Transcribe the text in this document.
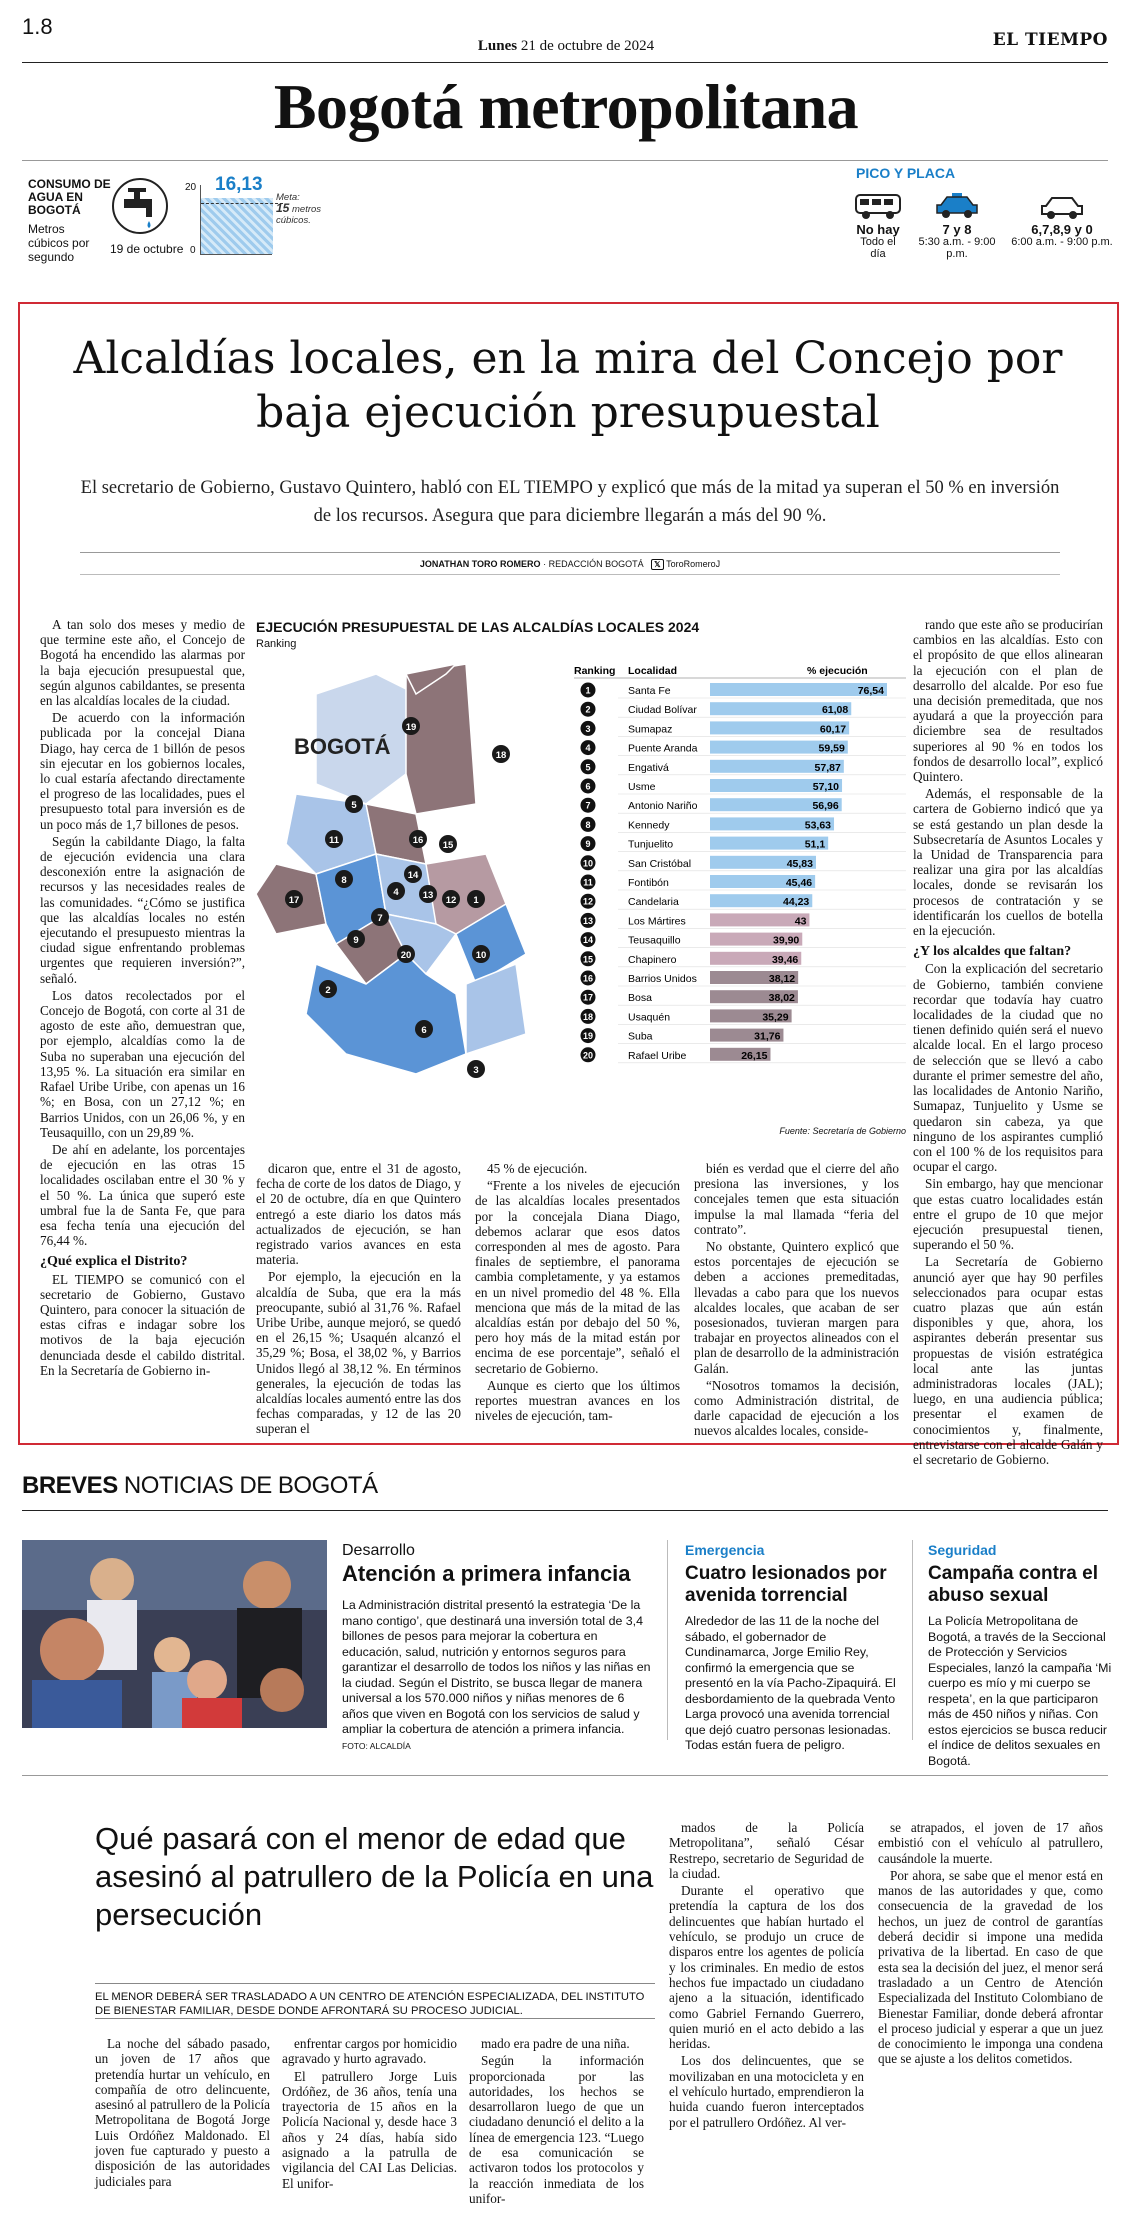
1.8
Lunes 21 de octubre de 2024	EL TIEMPO
Bogotá metropolitana
CONSUMO DE AGUA EN BOGOTÁ
Metros cúbicos por segundo
19 de octubre
20
0
16,13
Meta:
15 metros cúbicos.
PICO Y PLACA
No hay
Todo el día
7 y 8
5:30 a.m. - 9:00 p.m.
6,7,8,9 y 0
6:00 a.m. - 9:00 p.m.
Alcaldías locales, en la mira del Concejo por baja ejecución presupuestal
El secretario de Gobierno, Gustavo Quintero, habló con EL TIEMPO y explicó que más de la mitad ya superan el 50 % en inversión de los recursos. Asegura que para diciembre llegarán a más del 90 %.
JONATHAN TORO ROMERO · REDACCIÓN BOGOTÁ 𝕏 ToroRomeroJ

A tan solo dos meses y medio de que termine este año, el Concejo de Bogotá ha encendido las alarmas por la baja ejecución presupuestal que, según algunos cabildantes, se presenta en las alcaldías locales de la ciudad.

De acuerdo con la información publicada por la concejal Diana Diago, hay cerca de 1 billón de pesos sin ejecutar en los gobiernos locales, lo cual estaría afectando directamente el progreso de las localidades, pues el presupuesto total para inversión es de un poco más de 1,7 billones de pesos.

Según la cabildante Diago, la falta de ejecución evidencia una clara desconexión entre la asignación de recursos y las necesidades reales de las comunidades. “¿Cómo se justifica que las alcaldías locales no estén ejecutando el presupuesto mientras la ciudad sigue enfrentando problemas urgentes que requieren inversión?”, señaló.

Los datos recolectados por el Concejo de Bogotá, con corte al 31 de agosto de este año, demuestran que, por ejemplo, alcaldías como la de Suba no superaban una ejecución del 13,95 %. La situación era similar en Rafael Uribe Uribe, con apenas un 16 %; en Bosa, con un 27,12 %; en Barrios Unidos, con un 26,06 %, y en Teusaquillo, con un 29,89 %.

De ahí en adelante, los porcentajes de ejecución en las otras 15 localidades oscilaban entre el 30 % y el 50 %. La única que superó este umbral fue la de Santa Fe, que para esa fecha tenía una ejecución del 76,44 %.

¿Qué explica el Distrito?

EL TIEMPO se comunicó con el secretario de Gobierno, Gustavo Quintero, para conocer la situación de estas cifras e indagar sobre los motivos de la baja ejecución denunciada desde el cabildo distrital. En la Secretaría de Gobierno in-

EJECUCIÓN PRESUPUESTAL DE LAS ALCALDÍAS LOCALES 2024
Ranking
BOGOTÁ
19
18
5
11	16 15
14
8
17
4	13 12 1
7
9
20	10
2
6
3
Ranking Localidad	% ejecución
1	Santa Fe	76,54
2	Ciudad Bolívar	61,08
3	Sumapaz	60,17
4	Puente Aranda	59,59
5	Engativá	57,87
6	Usme	57,10
7	Antonio Nariño	56,96
8	Kennedy	53,63
9	Tunjuelito	51,1
10	San Cristóbal	45,83
11	Fontibón	45,46
12	Candelaria	44,23
13	Los Mártires	43
14	Teusaquillo	39,90
15	Chapinero	39,46
16	Barrios Unidos	38,12
17	Bosa	38,02
18	Usaquén	35,29
19	Suba	31,76
20	Rafael Uribe	26,15
Fuente: Secretaría de Gobierno

dicaron que, entre el 31 de agosto, fecha de corte de los datos de Diago, y el 20 de octubre, día en que Quintero entregó a este diario los datos más actualizados de ejecución, se han registrado varios avances en esta materia.

Por ejemplo, la ejecución en la alcaldía de Suba, que era la más preocupante, subió al 31,76 %. Rafael Uribe Uribe, aunque mejoró, se quedó en el 26,15 %; Usaquén alcanzó el 35,29 %; Bosa, el 38,02 %, y Barrios Unidos llegó al 38,12 %. En términos generales, la ejecución de todas las alcaldías locales aumentó entre las dos fechas comparadas, y 12 de las 20 superan el

45 % de ejecución.

“Frente a los niveles de ejecución de las alcaldías locales presentados por la concejala Diana Diago, debemos aclarar que esos datos corresponden al mes de agosto. Para finales de septiembre, el panorama cambia completamente, y ya estamos en un nivel promedio del 48 %. Ella menciona que más de la mitad de las alcaldías están por debajo del 50 %, pero hoy más de la mitad están por encima de ese porcentaje”, señaló el secretario de Gobierno.

Aunque es cierto que los últimos reportes muestran avances en los niveles de ejecución, tam-

bién es verdad que el cierre del año presiona las inversiones, y los concejales temen que esta situación impulse la mal llamada “feria del contrato”.

No obstante, Quintero explicó que estos porcentajes de ejecución se deben a acciones premeditadas, llevadas a cabo para que los nuevos alcaldes locales, que acaban de ser posesionados, tuvieran margen para trabajar en proyectos alineados con el plan de desarrollo de la administración Galán.

“Nosotros tomamos la decisión, como Administración distrital, de darle capacidad de ejecución a los nuevos alcaldes locales, conside-

rando que este año se producirían cambios en las alcaldías. Esto con el propósito de que ellos alinearan la ejecución con el plan de desarrollo del alcalde. Por eso fue una decisión premeditada, que nos ayudará a que la proyección para diciembre sea de resultados superiores al 90 % en todos los fondos de desarrollo local”, explicó Quintero.

Además, el responsable de la cartera de Gobierno indicó que ya se está gestando un plan desde la Subsecretaría de Asuntos Locales y la Unidad de Transparencia para realizar una gira por las alcaldías locales, donde se revisarán los procesos de contratación y se identificarán los cuellos de botella en la ejecución.

¿Y los alcaldes que faltan?

Con la explicación del secretario de Gobierno, también conviene recordar que todavía hay cuatro localidades de la ciudad que no tienen definido quién será el nuevo alcalde local. En el largo proceso de selección que se llevó a cabo durante el primer semestre del año, las localidades de Antonio Nariño, Sumapaz, Tunjuelito y Usme se quedaron sin cabeza, ya que ninguno de los aspirantes cumplió con el 100 % de los requisitos para ocupar el cargo.

Sin embargo, hay que mencionar que estas cuatro localidades están entre el grupo de 10 que mejor ejecución presupuestal tienen, superando el 50 %.

La Secretaría de Gobierno anunció ayer que hay 90 perfiles seleccionados para ocupar estas cuatro plazas que aún están disponibles y que, ahora, los aspirantes deberán presentar sus propuestas de visión estratégica local ante las juntas administradoras locales (JAL); luego, en una audiencia pública; presentar el examen de conocimientos y, finalmente, entrevistarse con el alcalde Galán y el secretario de Gobierno.

BREVES NOTICIAS DE BOGOTÁ
Desarrollo
Atención a primera infancia
La Administración distrital presentó la estrategia ‘De la mano contigo’, que destinará una inversión total de 3,4 billones de pesos para mejorar la cobertura en educación, salud, nutrición y entornos seguros para garantizar el desarrollo de todos los niños y las niñas en la ciudad. Según el Distrito, se busca llegar de manera universal a los 570.000 niños y niñas menores de 6 años que viven en Bogotá con los servicios de salud y ampliar la cobertura de atención a primera infancia. FOTO: ALCALDÍA
Emergencia
Cuatro lesionados por avenida torrencial
Alrededor de las 11 de la noche del sábado, el gobernador de Cundinamarca, Jorge Emilio Rey, confirmó la emergencia que se presentó en la vía Pacho-Zipaquirá. El desbordamiento de la quebrada Vento Larga provocó una avenida torrencial que dejó cuatro personas lesionadas. Todas están fuera de peligro.
Seguridad
Campaña contra el abuso sexual
La Policía Metropolitana de Bogotá, a través de la Seccional de Protección y Servicios Especiales, lanzó la campaña ‘Mi cuerpo es mío y mi cuerpo se respeta’, en la que participaron más de 450 niños y niñas. Con estos ejercicios se busca reducir el índice de delitos sexuales en Bogotá.
Qué pasará con el menor de edad que asesinó al patrullero de la Policía en una persecución
EL MENOR DEBERÁ SER TRASLADADO A UN CENTRO DE ATENCIÓN ESPECIALIZADA, DEL INSTITUTO DE BIENESTAR FAMILIAR, DESDE DONDE AFRONTARÁ SU PROCESO JUDICIAL.

La noche del sábado pasado, un joven de 17 años que pretendía hurtar un vehículo, en compañía de otro delincuente, asesinó al patrullero de la Policía Metropolitana de Bogotá Jorge Luis Ordóñez Maldonado. El joven fue capturado y puesto a disposición de las autoridades judiciales para

enfrentar cargos por homicidio agravado y hurto agravado.

El patrullero Jorge Luis Ordóñez, de 36 años, tenía una trayectoria de 15 años en la Policía Nacional y, desde hace 3 años y 24 días, había sido asignado a la patrulla de vigilancia del CAI Las Delicias. El unifor-

mado era padre de una niña.

Según la información proporcionada por las autoridades, los hechos se desarrollaron luego de que un ciudadano denunció el delito a la línea de emergencia 123. “Luego de esa comunicación se activaron todos los protocolos y la reacción inmediata de los unifor-

mados de la Policía Metropolitana”, señaló César Restrepo, secretario de Seguridad de la ciudad.

Durante el operativo que pretendía la captura de los dos delincuentes que habían hurtado el vehículo, se produjo un cruce de disparos entre los agentes de policía y los criminales. En medio de estos hechos fue impactado un ciudadano ajeno a la situación, identificado como Gabriel Fernando Guerrero, quien murió en el acto debido a las heridas.

Los dos delincuentes, que se movilizaban en una motocicleta y en el vehículo hurtado, emprendieron la huida cuando fueron interceptados por el patrullero Ordóñez. Al ver-

se atrapados, el joven de 17 años embistió con el vehículo al patrullero, causándole la muerte.

Por ahora, se sabe que el menor está en manos de las autoridades y que, como consecuencia de la gravedad de los hechos, un juez de control de garantías deberá decidir si impone una medida privativa de la libertad. En caso de que esta sea la decisión del juez, el menor será trasladado a un Centro de Atención Especializada del Instituto Colombiano de Bienestar Familiar, donde deberá afrontar el proceso judicial y esperar a que un juez de conocimiento le imponga una condena que se ajuste a los delitos cometidos.
